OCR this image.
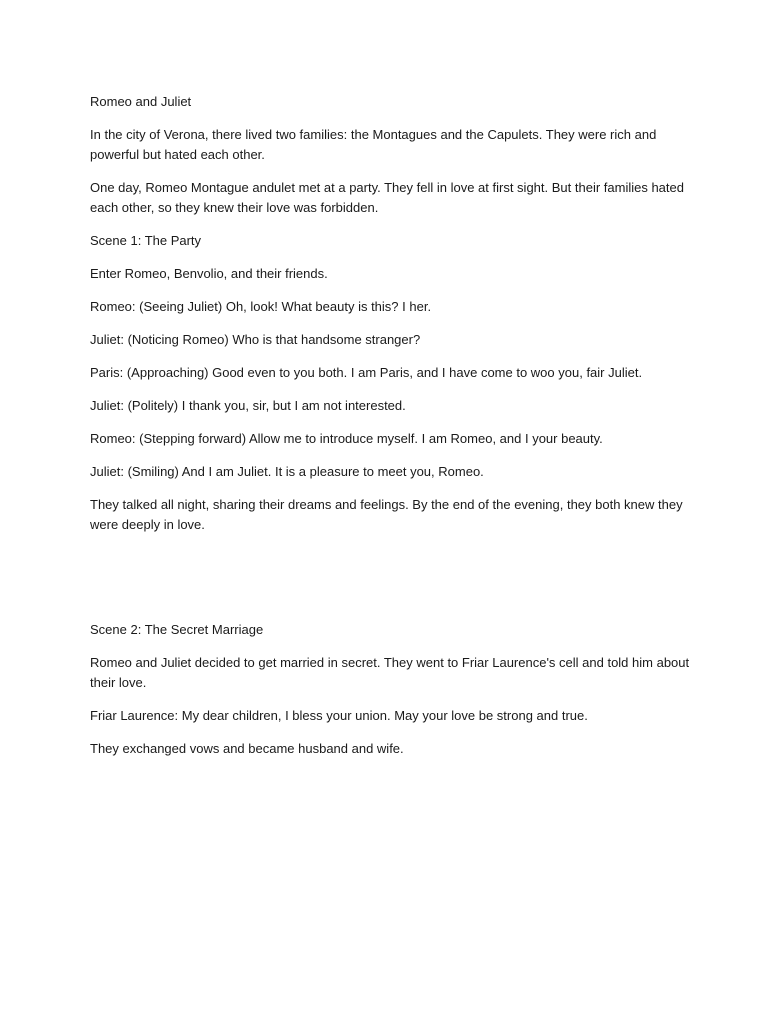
Romeo and Juliet

In the city of Verona, there lived two families: the Montagues and the Capulets. They were rich and powerful but hated each other.

One day, Romeo Montague andulet met at a party. They fell in love at first sight. But their families hated each other, so they knew their love was forbidden.

Scene 1: The Party

Enter Romeo, Benvolio, and their friends.

Romeo: (Seeing Juliet) Oh, look! What beauty is this? I her.

Juliet: (Noticing Romeo) Who is that handsome stranger?

Paris: (Approaching) Good even to you both. I am Paris, and I have come to woo you, fair Juliet.

Juliet: (Politely) I thank you, sir, but I am not interested.

Romeo: (Stepping forward) Allow me to introduce myself. I am Romeo, and I your beauty.

Juliet: (Smiling) And I am Juliet. It is a pleasure to meet you, Romeo.

They talked all night, sharing their dreams and feelings. By the end of the evening, they both knew they were deeply in love.

Scene 2: The Secret Marriage

Romeo and Juliet decided to get married in secret. They went to Friar Laurence's cell and told him about their love.

Friar Laurence: My dear children, I bless your union. May your love be strong and true.

They exchanged vows and became husband and wife.
